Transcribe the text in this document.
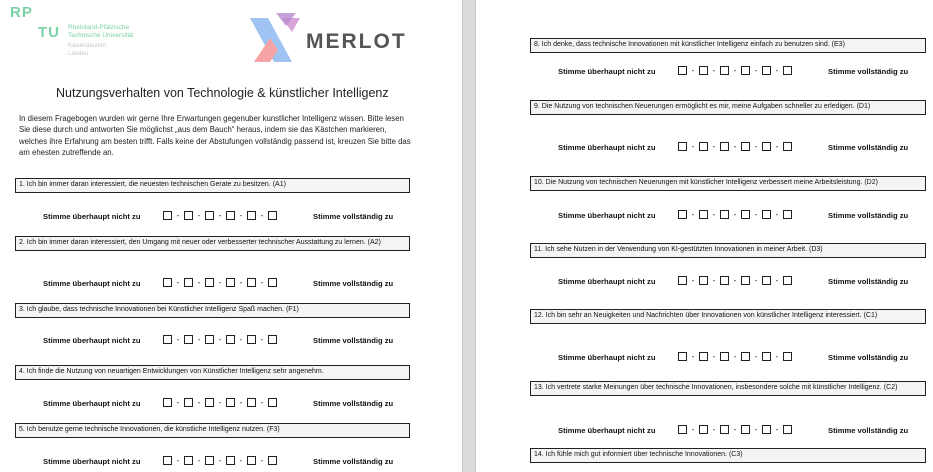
RP
TU Rheinland-Pfälzische
Technische Universität
Kaiserslautern
Landau
MERLOT
Nutzungsverhalten von Technologie & künstlicher Intelligenz
In diesem Fragebogen wurden wir gerne Ihre Erwartungen gegenuber kunstlicher Intelligenz wissen. Bitte lesen Sie diese durch und antworten Sie möglichst „aus dem Bauch“ heraus, indem sie das Kästchen markieren, welches ihre Erfahrung am besten trifft. Falls keine der Abstufungen vollständig passend ist, kreuzen Sie bitte das am ehesten zutreffende an.
1. Ich bin immer daran interessiert, die neuesten technischen Gerate zu besitzen. (A1)
Stimme überhaupt nicht zu	-	-	-	-	-	Stimme vollständig zu
2. Ich bin immer daran interessiert, den Umgang mit neuer oder verbesserter technischer Ausstattung zu lernen. (A2)
Stimme überhaupt nicht zu	-	-	-	-	-	Stimme vollständig zu
3. Ich glaube, dass technische Innovationen bei Künstlicher Intelligenz Spaß machen. (F1)
Stimme überhaupt nicht zu	-	-	-	-	-	Stimme vollständig zu
4. Ich finde die Nutzung von neuartigen Entwicklungen von Künstlicher Intelligenz sehr angenehm.
Stimme überhaupt nicht zu	-	-	-	-	-	Stimme vollständig zu
5. Ich benutze gerne technische Innovationen, die künstliche Intelligenz nutzen. (F3)
Stimme überhaupt nicht zu	-	-	-	-	-	Stimme vollständig zu
8. Ich denke, dass technische Innovationen mit künstlicher Intelligenz einfach zu benutzen sind. (E3)
Stimme überhaupt nicht zu	-	-	-	-	-	Stimme vollständig zu
9. Die Nutzung von technischen Neuerungen ermöglicht es mir, meine Aufgaben schneller zu erledigen. (D1)
Stimme überhaupt nicht zu	-	-	-	-	-	Stimme vollständig zu
10. Die Nutzung von technischen Neuerungen mit künstlicher Intelligenz verbessert meine Arbeitsleistung. (D2)
Stimme überhaupt nicht zu	-	-	-	-	-	Stimme vollständig zu
11. Ich sehe Nutzen in der Verwendung von KI-gestützten Innovationen in meiner Arbeit. (D3)
Stimme überhaupt nicht zu	-	-	-	-	-	Stimme vollständig zu
12. Ich bin sehr an Neuigkeiten und Nachrichten über Innovationen von künstlicher Intelligenz interessiert. (C1)
Stimme überhaupt nicht zu	-	-	-	-	-	Stimme vollständig zu
13. Ich vertrete starke Meinungen über technische Innovationen, insbesondere solche mit künstlicher Intelligenz. (C2)
Stimme überhaupt nicht zu	-	-	-	-	-	Stimme vollständig zu
14. Ich fühle mich gut informiert über technische Innovationen. (C3)
